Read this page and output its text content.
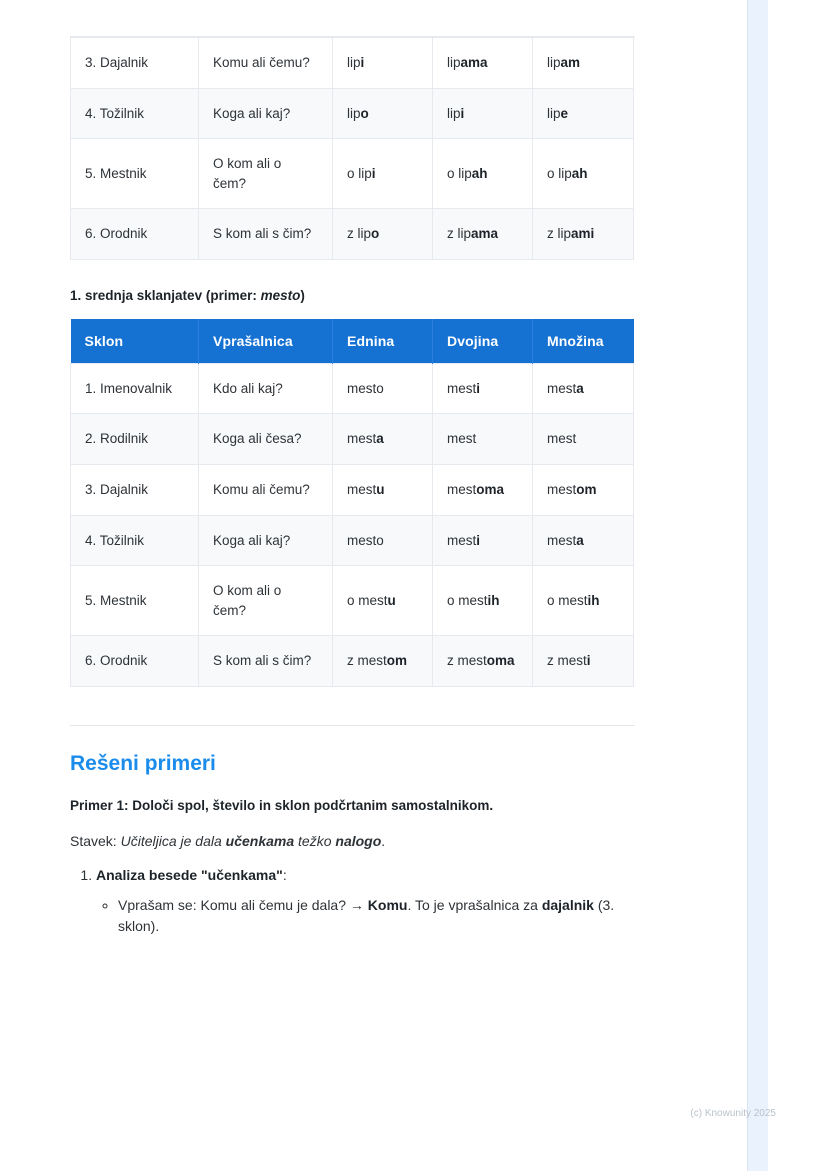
3. Dajalnik	Komu ali čemu?	lipi	lipama	lipam
4. Tožilnik	Koga ali kaj?	lipo	lipi	lipe
5. Mestnik	O kom ali o čem?	o lipi	o lipah	o lipah
6. Orodnik	S kom ali s čim?	z lipo	z lipama	z lipami
1. srednja sklanjatev (primer: mesto)
Sklon	Vprašalnica	Ednina	Dvojina	Množina
1. Imenovalnik	Kdo ali kaj?	mesto	mesti	mesta
2. Rodilnik	Koga ali česa?	mesta	mest	mest
3. Dajalnik	Komu ali čemu?	mestu	mestoma	mestom
4. Tožilnik	Koga ali kaj?	mesto	mesti	mesta
5. Mestnik	O kom ali o čem?	o mestu	o mestih	o mestih
6. Orodnik	S kom ali s čim?	z mestom	z mestoma	z mesti
Rešeni primeri

Primer 1: Določi spol, število in sklon podčrtanim samostalnikom.

Stavek: Učiteljica je dala učenkama težko nalogo.

1. Analiza besede "učenkama":
◦ Vprašam se: Komu ali čemu je dala? → Komu. To je vprašalnica za dajalnik (3. sklon).
(c) Knowunity 2025
